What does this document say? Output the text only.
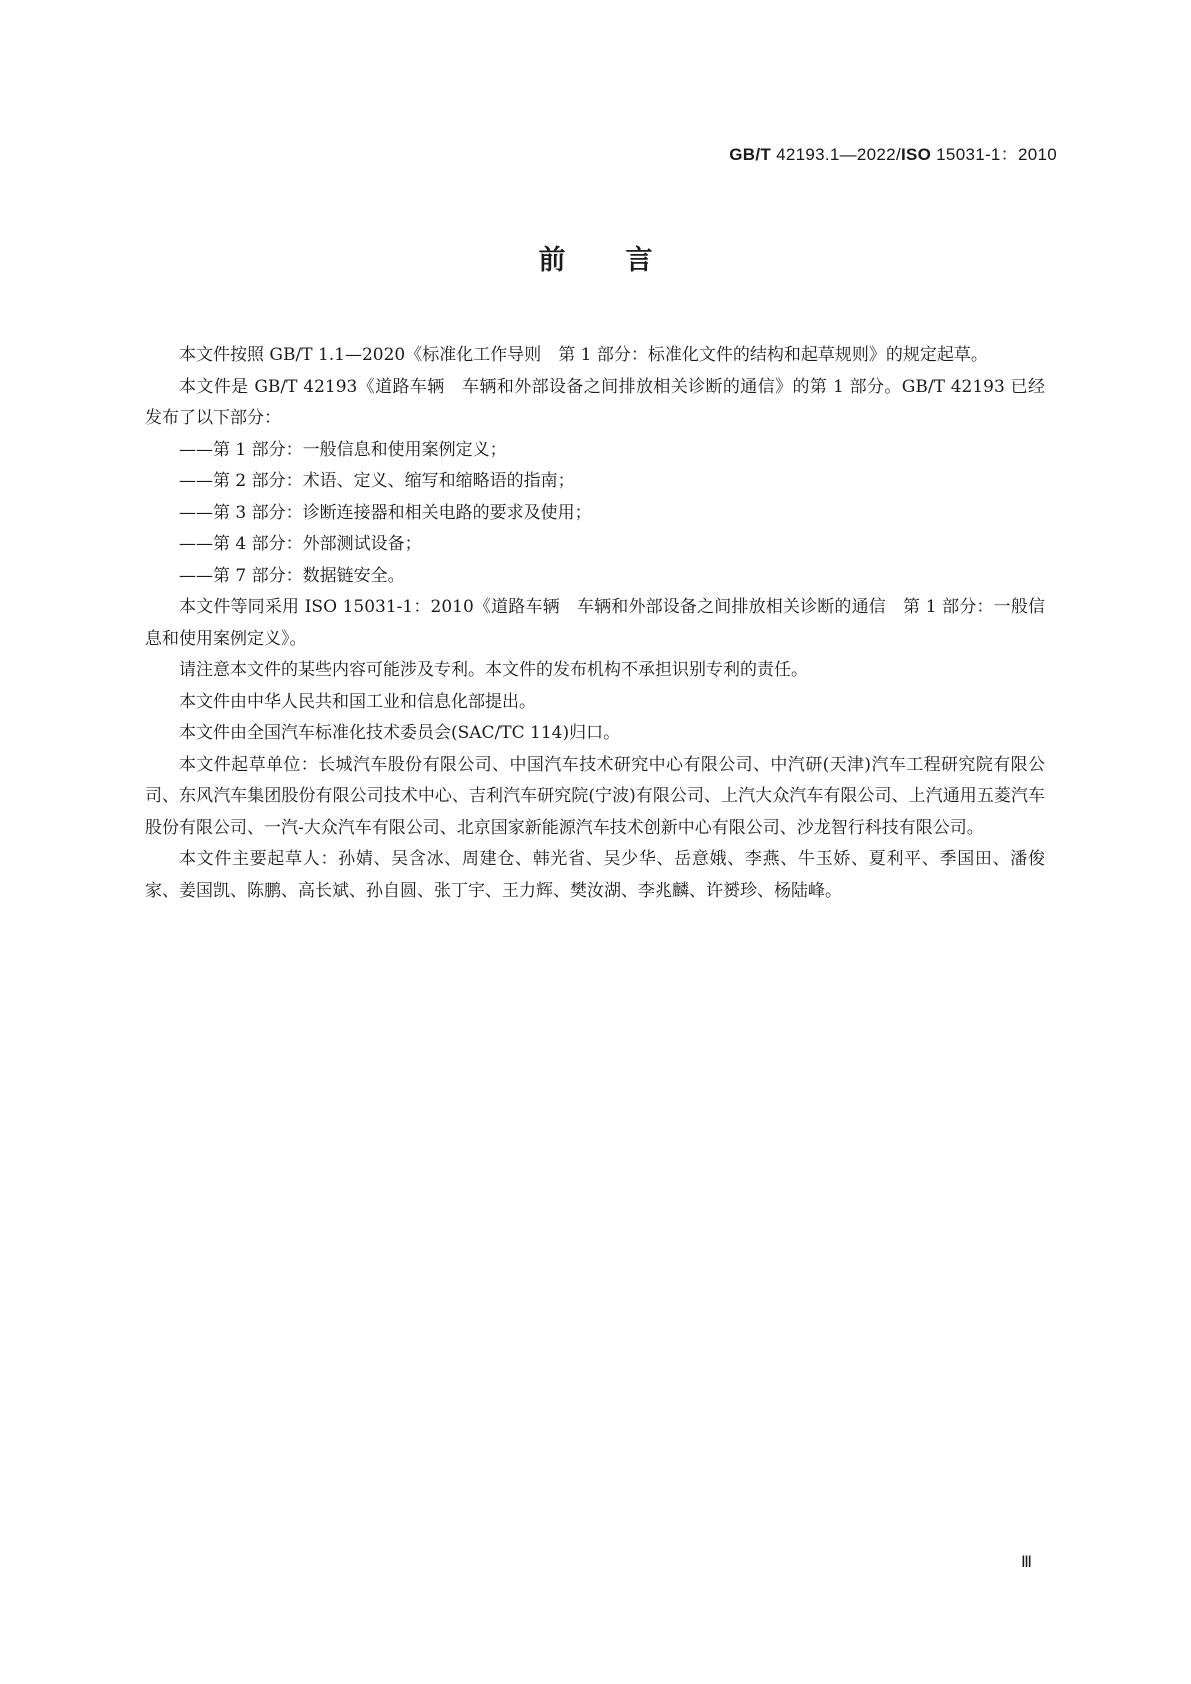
GB/T 42193.1—2022/ISO 15031-1：2010
前言

本文件按照 GB/T 1.1—2020《标准化工作导则　第 1 部分：标准化文件的结构和起草规则》的规定起草。

本文件是 GB/T 42193《道路车辆　车辆和外部设备之间排放相关诊断的通信》的第 1 部分。GB/T 42193 已经发布了以下部分：

——第 1 部分：一般信息和使用案例定义；

——第 2 部分：术语、定义、缩写和缩略语的指南；

——第 3 部分：诊断连接器和相关电路的要求及使用；

——第 4 部分：外部测试设备；

——第 7 部分：数据链安全。

本文件等同采用 ISO 15031-1：2010《道路车辆　车辆和外部设备之间排放相关诊断的通信　第 1 部分：一般信息和使用案例定义》。

请注意本文件的某些内容可能涉及专利。本文件的发布机构不承担识别专利的责任。

本文件由中华人民共和国工业和信息化部提出。

本文件由全国汽车标准化技术委员会(SAC/TC 114)归口。

本文件起草单位：长城汽车股份有限公司、中国汽车技术研究中心有限公司、中汽研(天津)汽车工程研究院有限公司、东风汽车集团股份有限公司技术中心、吉利汽车研究院(宁波)有限公司、上汽大众汽车有限公司、上汽通用五菱汽车股份有限公司、一汽-大众汽车有限公司、北京国家新能源汽车技术创新中心有限公司、沙龙智行科技有限公司。

本文件主要起草人：孙婧、吴含冰、周建仓、韩光省、吴少华、岳意娥、李燕、牛玉娇、夏利平、季国田、潘俊家、姜国凯、陈鹏、高长斌、孙自圆、张丁宇、王力辉、樊汝湖、李兆麟、许赟珍、杨陆峰。

Ⅲ
